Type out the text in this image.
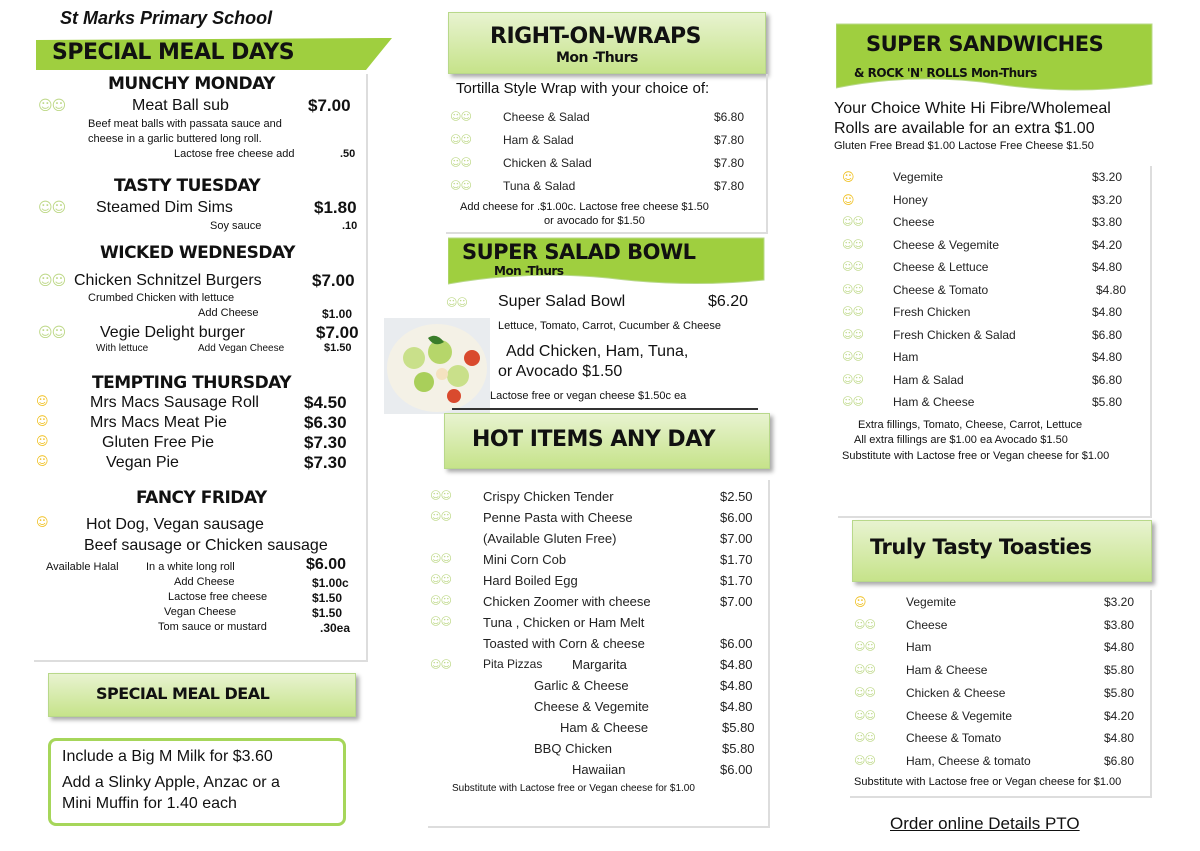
St Marks Primary School
SPECIAL MEAL DAYS
MUNCHY MONDAY
☺☺	Meat Ball sub	$7.00
Beef meat balls with passata sauce and
cheese in a garlic buttered long roll.
Lactose free cheese add	.50
TASTY TUESDAY
☺☺ Steamed Dim Sims	$1.80
Soy sauce	.10
WICKED WEDNESDAY
☺☺ Chicken Schnitzel Burgers	$7.00
Crumbed Chicken with lettuce
Add Cheese	$1.00
☺☺ Vegie Delight burger	$7.00
With lettuce	Add Vegan Cheese	$1.50
TEMPTING THURSDAY
FANCY FRIDAY
☺ Hot Dog, Vegan sausage
Beef sausage or Chicken sausage
Available Halal In a white long roll	$6.00
SPECIAL MEAL DEAL
Include a Big M Milk for $3.60
Add a Slinky Apple, Anzac or a
Mini Muffin for 1.40 each
RIGHT-ON-WRAPS
Mon -Thurs
Tortilla Style Wrap with your choice of:
Add cheese for .$1.00c. Lactose free cheese $1.50
or avocado for $1.50
SUPER SALAD BOWL
Mon -Thurs
☺☺ Super Salad Bowl	$6.20
Lettuce, Tomato, Carrot, Cucumber & Cheese
Add Chicken, Ham, Tuna,
or Avocado $1.50
Lactose free or vegan cheese $1.50c ea
HOT ITEMS ANY DAY
☺☺	Pita Pizzas
Substitute with Lactose free or Vegan cheese for $1.00
SUPER SANDWICHES
& ROCK 'N' ROLLS Mon-Thurs
Your Choice White Hi Fibre/Wholemeal
Rolls are available for an extra $1.00
Gluten Free Bread $1.00 Lactose Free Cheese $1.50
Extra fillings, Tomato, Cheese, Carrot, Lettuce
All extra fillings are $1.00 ea Avocado $1.50
Substitute with Lactose free or Vegan cheese for $1.00
Truly Tasty Toasties
Substitute with Lactose free or Vegan cheese for $1.00
Order online Details PTO
☺	Mrs Macs Sausage Roll	$4.50
☺	Mrs Macs Meat Pie	$6.30
☺	Gluten Free Pie	$7.30
☺	Vegan Pie	$7.30
Add Cheese	$1.00c
Lactose free cheese	$1.50
Vegan Cheese	$1.50
Tom sauce or mustard	.30ea
☺☺	Cheese & Salad	$6.80
☺☺	Ham & Salad	$7.80
☺☺	Chicken & Salad	$7.80
☺☺	Tuna & Salad	$7.80
☺☺ Crispy Chicken Tender	$2.50
☺☺ Penne Pasta with Cheese	$6.00
(Available Gluten Free)	$7.00
☺☺ Mini Corn Cob	$1.70
☺☺ Hard Boiled Egg	$1.70
☺☺ Chicken Zoomer with cheese	$7.00
☺☺ Tuna , Chicken or Ham Melt
Toasted with Corn & cheese	$6.00
Margarita	$4.80
Garlic & Cheese	$4.80
Cheese & Vegemite	$4.80
Ham & Cheese	$5.80
BBQ Chicken	$5.80
Hawaiian	$6.00
☺	Vegemite	$3.20
☺	Honey	$3.20
☺☺	Cheese	$3.80
☺☺	Cheese & Vegemite	$4.20
☺☺	Cheese & Lettuce	$4.80
☺☺	Cheese & Tomato	$4.80
☺☺	Fresh Chicken	$4.80
☺☺	Fresh Chicken & Salad	$6.80
☺☺	Ham	$4.80
☺☺	Ham & Salad	$6.80
☺☺	Ham & Cheese	$5.80
☺	Vegemite	$3.20
☺☺	Cheese	$3.80
☺☺	Ham	$4.80
☺☺	Ham & Cheese	$5.80
☺☺	Chicken & Cheese	$5.80
☺☺	Cheese & Vegemite	$4.20
☺☺	Cheese & Tomato	$4.80
☺☺	Ham, Cheese & tomato	$6.80
